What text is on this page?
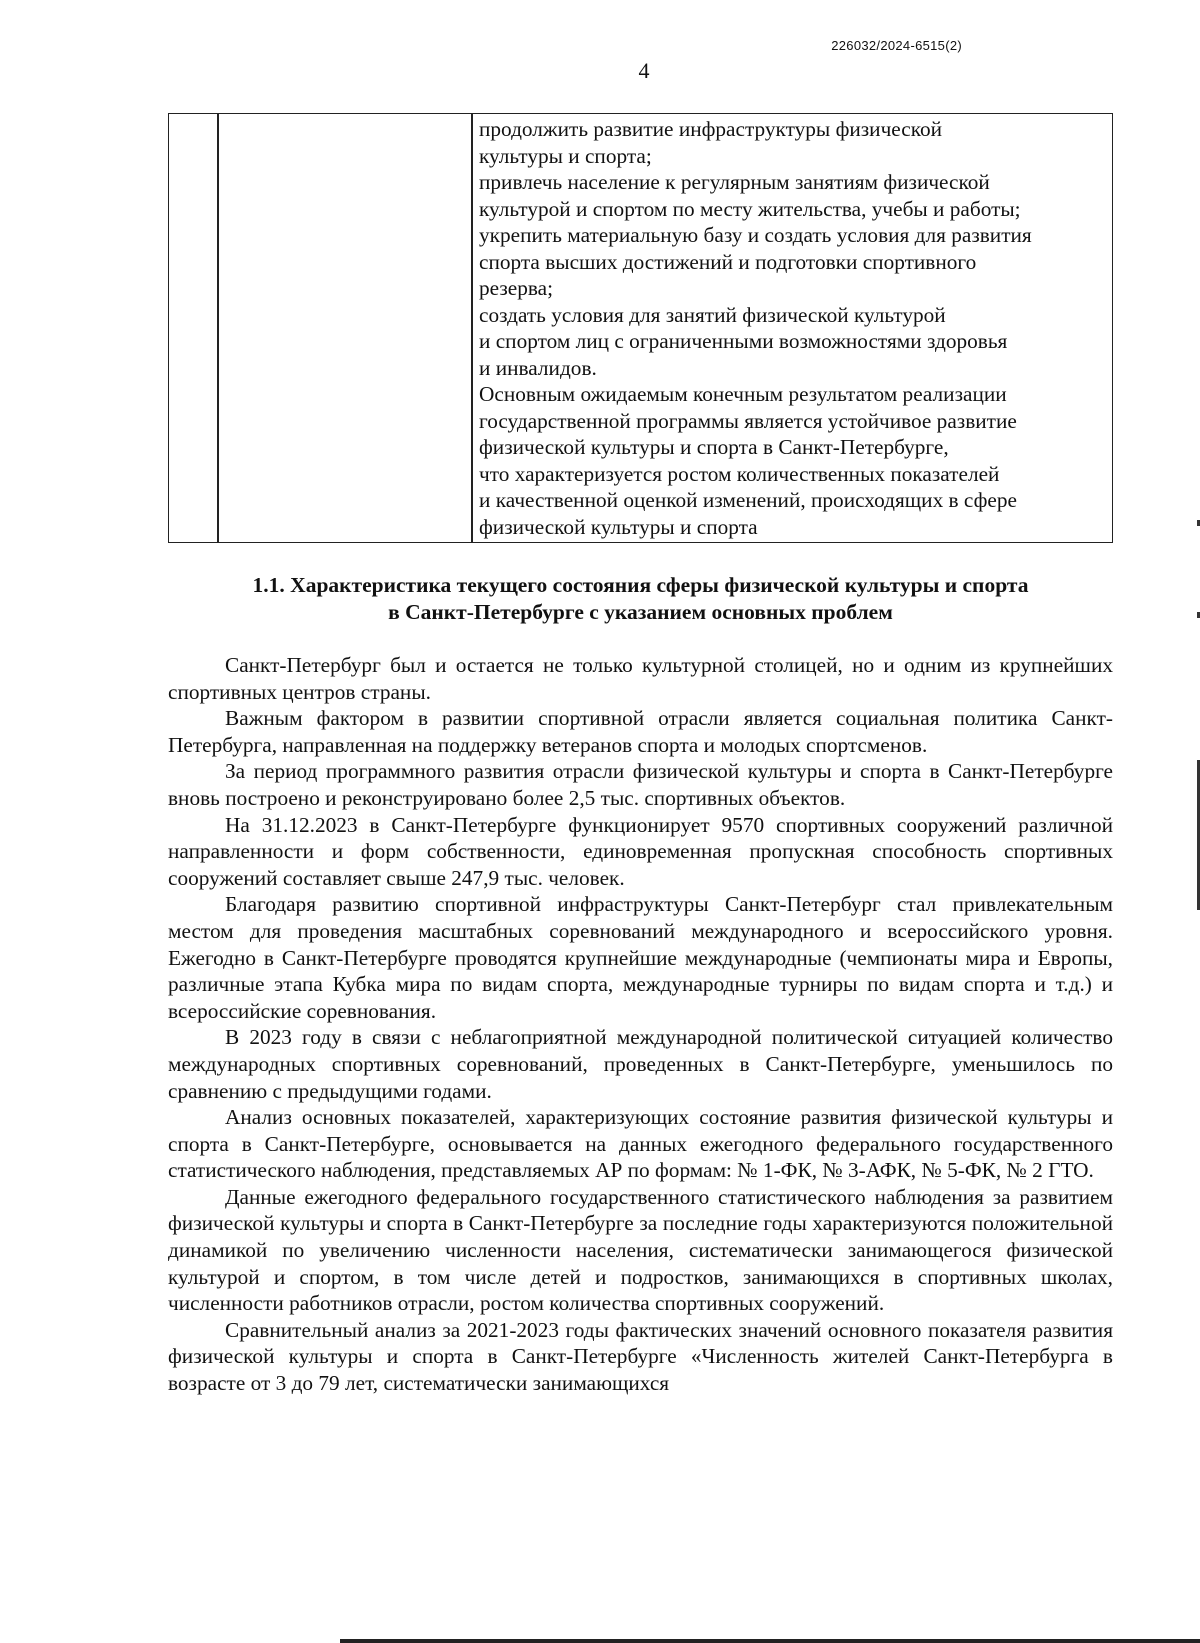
226032/2024-6515(2)
4
продолжить развитие инфраструктуры физической
культуры и спорта;
привлечь население к регулярным занятиям физической
культурой и спортом по месту жительства, учебы и работы;
укрепить материальную базу и создать условия для развития
спорта высших достижений и подготовки спортивного
резерва;
создать условия для занятий физической культурой
и спортом лиц с ограниченными возможностями здоровья
и инвалидов.
Основным ожидаемым конечным результатом реализации
государственной программы является устойчивое развитие
физической культуры и спорта в Санкт-Петербурге,
что характеризуется ростом количественных показателей
и качественной оценкой изменений, происходящих в сфере
физической культуры и спорта
1.1. Характеристика текущего состояния сферы физической культуры и спорта
в Санкт-Петербурге с указанием основных проблем

Санкт-Петербург был и остается не только культурной столицей, но и одним из крупнейших спортивных центров страны.

Важным фактором в развитии спортивной отрасли является социальная политика Санкт-Петербурга, направленная на поддержку ветеранов спорта и молодых спортсменов.

За период программного развития отрасли физической культуры и спорта в Санкт-Петербурге вновь построено и реконструировано более 2,5 тыс. спортивных объектов.

На 31.12.2023 в Санкт-Петербурге функционирует 9570 спортивных сооружений различной направленности и форм собственности, единовременная пропускная способность спортивных сооружений составляет свыше 247,9 тыс. человек.

Благодаря развитию спортивной инфраструктуры Санкт-Петербург стал привлекательным местом для проведения масштабных соревнований международного и всероссийского уровня. Ежегодно в Санкт-Петербурге проводятся крупнейшие международные (чемпионаты мира и Европы, различные этапа Кубка мира по видам спорта, международные турниры по видам спорта и т.д.) и всероссийские соревнования.

В 2023 году в связи с неблагоприятной международной политической ситуацией количество международных спортивных соревнований, проведенных в Санкт-Петербурге, уменьшилось по сравнению с предыдущими годами.

Анализ основных показателей, характеризующих состояние развития физической культуры и спорта в Санкт-Петербурге, основывается на данных ежегодного федерального государственного статистического наблюдения, представляемых АР по формам: № 1-ФК, № 3-АФК, № 5-ФК, № 2 ГТО.

Данные ежегодного федерального государственного статистического наблюдения за развитием физической культуры и спорта в Санкт-Петербурге за последние годы характеризуются положительной динамикой по увеличению численности населения, систематически занимающегося физической культурой и спортом, в том числе детей и подростков, занимающихся в спортивных школах, численности работников отрасли, ростом количества спортивных сооружений.

Сравнительный анализ за 2021-2023 годы фактических значений основного показателя развития физической культуры и спорта в Санкт-Петербурге «Численность жителей Санкт-Петербурга в возрасте от 3 до 79 лет, систематически занимающихся
